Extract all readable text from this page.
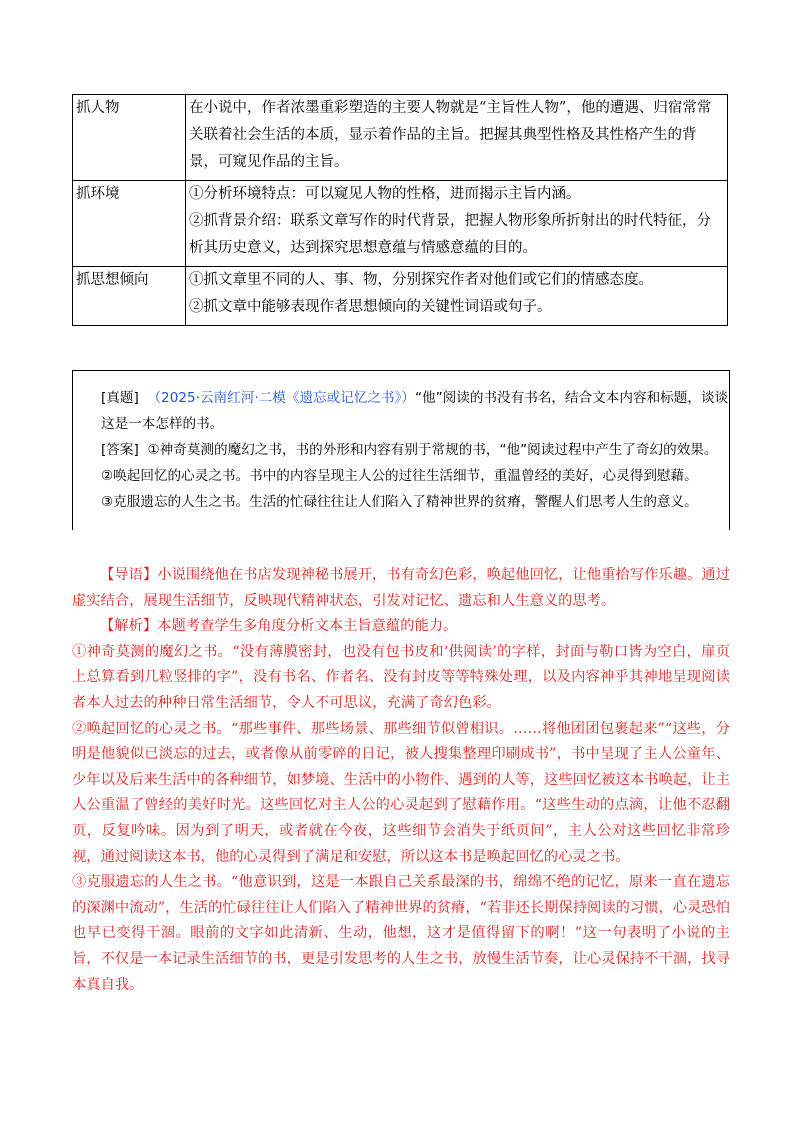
抓人物	在小说中，作者浓墨重彩塑造的主要人物就是“主旨性人物”，他的遭遇、归宿常常关联着社会生活的本质，显示着作品的主旨。把握其典型性格及其性格产生的背景，可窥见作品的主旨。

抓环境	①分析环境特点：可以窥见人物的性格，进而揭示主旨内涵。

②抓背景介绍：联系文章写作的时代背景，把握人物形象所折射出的时代特征，分析其历史意义，达到探究思想意蕴与情感意蕴的目的。

抓思想倾向	①抓文章里不同的人、事、物，分别探究作者对他们或它们的情感态度。

②抓文章中能够表现作者思想倾向的关键性词语或句子。

[真题] （2025·云南红河·二模《遗忘或记忆之书》）“他”阅读的书没有书名，结合文本内容和标题，谈谈这是一本怎样的书。

[答案] ①神奇莫测的魔幻之书，书的外形和内容有别于常规的书，“他”阅读过程中产生了奇幻的效果。

②唤起回忆的心灵之书。书中的内容呈现主人公的过往生活细节，重温曾经的美好，心灵得到慰藉。

③克服遗忘的人生之书。生活的忙碌往往让人们陷入了精神世界的贫瘠，警醒人们思考人生的意义。

【导语】小说围绕他在书店发现神秘书展开，书有奇幻色彩，唤起他回忆，让他重拾写作乐趣。通过虚实结合，展现生活细节，反映现代精神状态，引发对记忆、遗忘和人生意义的思考。

【解析】本题考查学生多角度分析文本主旨意蕴的能力。

①神奇莫测的魔幻之书。“没有薄膜密封，也没有包书皮和‘供阅读’的字样，封面与勒口皆为空白，扉页上总算看到几粒竖排的字”，没有书名、作者名、没有封皮等等特殊处理，以及内容神乎其神地呈现阅读者本人过去的种种日常生活细节，令人不可思议，充满了奇幻色彩。

②唤起回忆的心灵之书。“那些事件、那些场景、那些细节似曾相识。……将他团团包裹起来”“这些，分明是他貌似已淡忘的过去，或者像从前零碎的日记，被人搜集整理印刷成书”，书中呈现了主人公童年、少年以及后来生活中的各种细节，如梦境、生活中的小物件、遇到的人等，这些回忆被这本书唤起，让主人公重温了曾经的美好时光。这些回忆对主人公的心灵起到了慰藉作用。“这些生动的点滴，让他不忍翻页，反复吟味。因为到了明天，或者就在今夜，这些细节会消失于纸页间”，主人公对这些回忆非常珍视，通过阅读这本书，他的心灵得到了满足和安慰，所以这本书是唤起回忆的心灵之书。

③克服遗忘的人生之书。“他意识到，这是一本跟自己关系最深的书，绵绵不绝的记忆，原来一直在遗忘的深渊中流动”，生活的忙碌往往让人们陷入了精神世界的贫瘠，“若非还长期保持阅读的习惯，心灵恐怕也早已变得干涸。眼前的文字如此清新、生动，他想，这才是值得留下的啊！”这一句表明了小说的主旨，不仅是一本记录生活细节的书，更是引发思考的人生之书，放慢生活节奏，让心灵保持不干涸，找寻本真自我。
